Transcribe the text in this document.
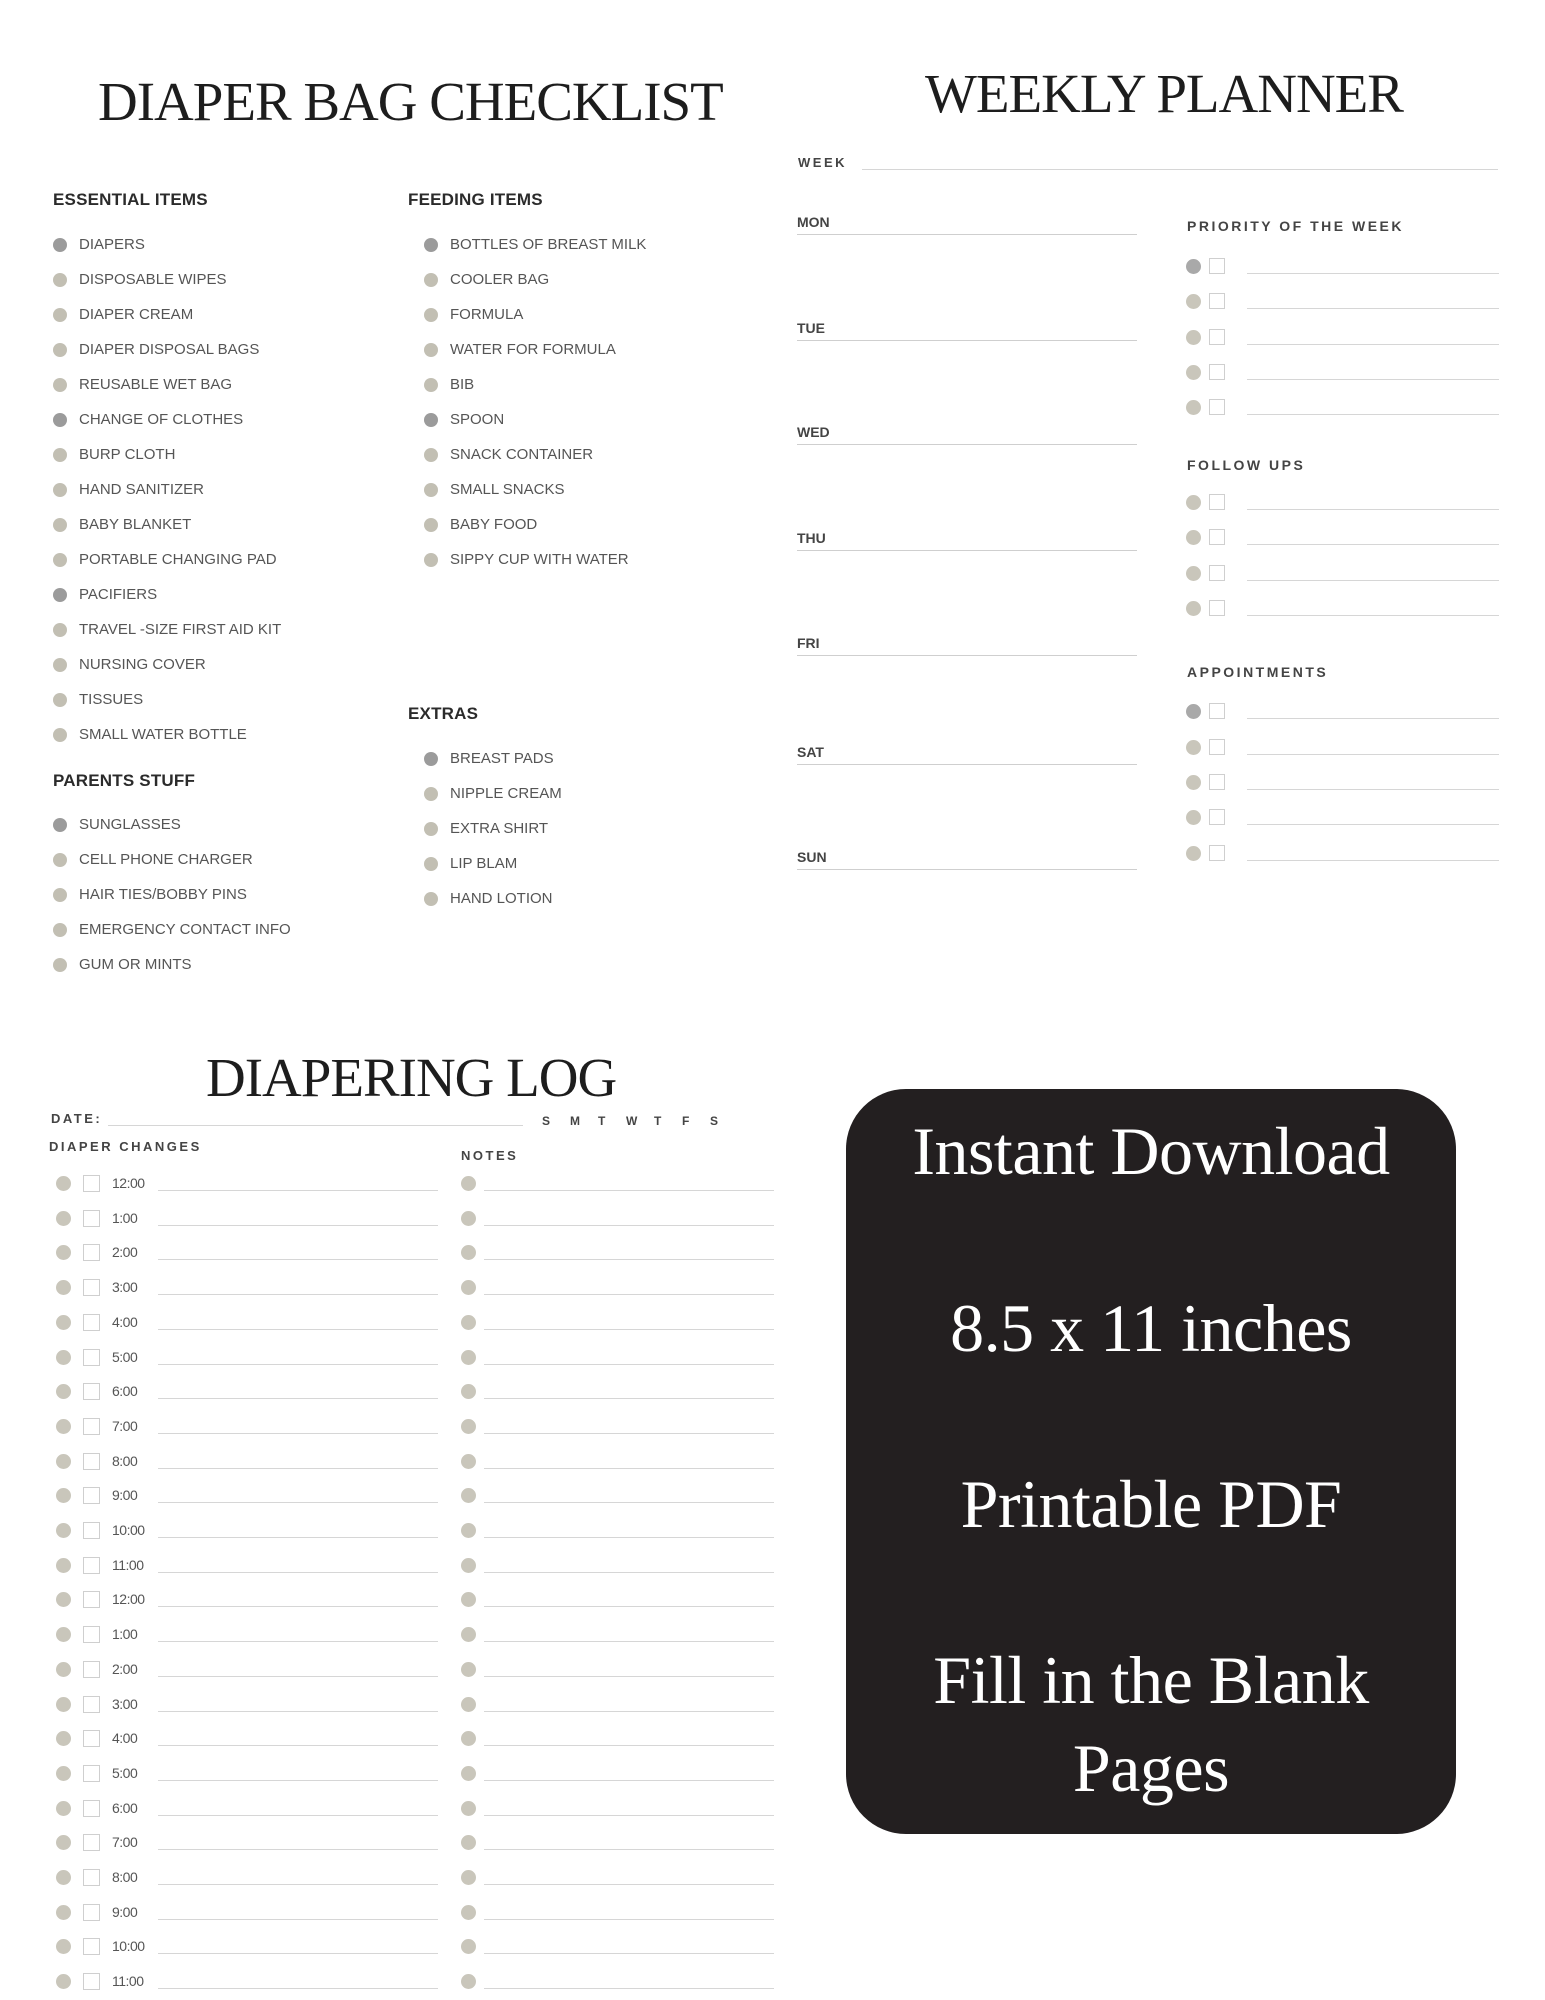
DIAPER BAG CHECKLIST
ESSENTIAL ITEMS
DIAPERS
DISPOSABLE WIPES
DIAPER CREAM
DIAPER DISPOSAL BAGS
REUSABLE WET BAG
CHANGE OF CLOTHES
BURP CLOTH
HAND SANITIZER
BABY BLANKET
PORTABLE CHANGING PAD
PACIFIERS
TRAVEL -SIZE FIRST AID KIT
NURSING COVER
TISSUES
SMALL WATER BOTTLE
PARENTS STUFF
SUNGLASSES
CELL PHONE CHARGER
HAIR TIES/BOBBY PINS
EMERGENCY CONTACT INFO
GUM OR MINTS
FEEDING ITEMS
BOTTLES OF BREAST MILK
COOLER BAG
FORMULA
WATER FOR FORMULA
BIB
SPOON
SNACK CONTAINER
SMALL SNACKS
BABY FOOD
SIPPY CUP WITH WATER
EXTRAS
BREAST PADS
NIPPLE CREAM
EXTRA SHIRT
LIP BLAM
HAND LOTION
WEEKLY PLANNER
WEEK
MON
TUE
WED
THU
FRI
SAT
SUN
PRIORITY OF THE WEEK
FOLLOW UPS
APPOINTMENTS
DIAPERING LOG
DATE:	S	M	T	W	T	F	S
DIAPER CHANGES
NOTES
12:00
1:00
2:00
3:00
4:00
5:00
6:00
7:00
8:00
9:00
10:00
11:00
12:00
1:00
2:00
3:00
4:00
5:00
6:00
7:00
8:00
9:00
10:00
11:00
Instant Download
8.5 x 11 inches
Printable PDF
Fill in the Blank
Pages
